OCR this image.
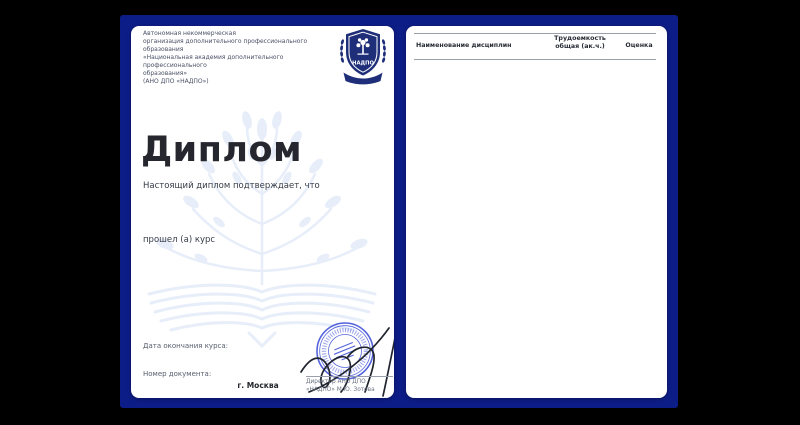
Автономная некоммерческая
организация дополнительного профессионального образования
«Национальная академия дополнительного профессионального
образования»
(АНО ДПО «НАДПО»)
НАДПО
Диплом
Настоящий диплом подтверждает, что
прошел (а) курс
Дата окончания курса:
Номер документа:
г. Москва	Директор АНО ДПО
«НАДПО» М.Ю. Зотова
Наименование дисциплин
Трудоемкость
общая (ак.ч.)	Оценка
